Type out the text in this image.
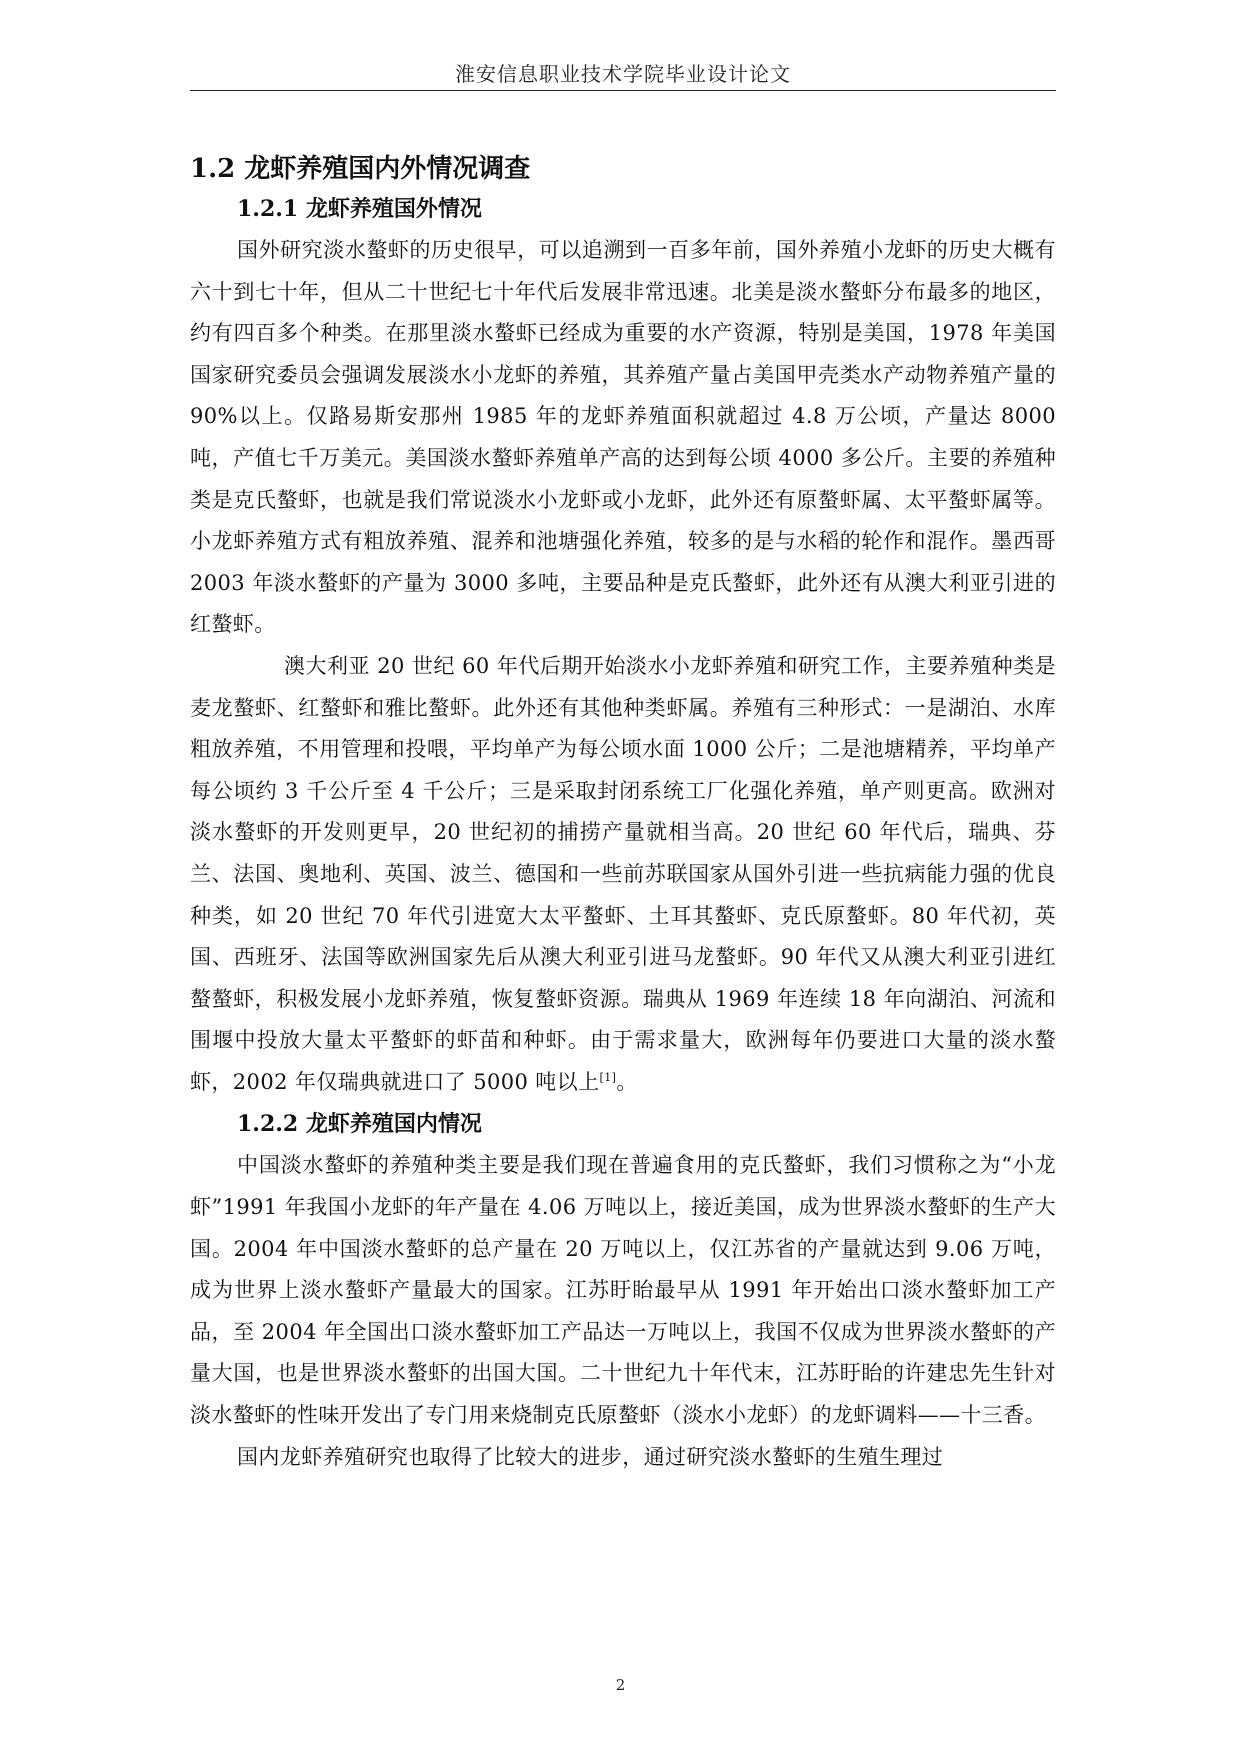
淮安信息职业技术学院毕业设计论文
1.2 龙虾养殖国内外情况调查
1.2.1 龙虾养殖国外情况

国外研究淡水螯虾的历史很早，可以追溯到一百多年前，国外养殖小龙虾的历史大概有六十到七十年，但从二十世纪七十年代后发展非常迅速。北美是淡水螯虾分布最多的地区，约有四百多个种类。在那里淡水螯虾已经成为重要的水产资源，特别是美国，1978 年美国国家研究委员会强调发展淡水小龙虾的养殖，其养殖产量占美国甲壳类水产动物养殖产量的 90%以上。仅路易斯安那州 1985 年的龙虾养殖面积就超过 4.8 万公顷，产量达 8000 吨，产值七千万美元。美国淡水螯虾养殖单产高的达到每公顷 4000 多公斤。主要的养殖种类是克氏螯虾，也就是我们常说淡水小龙虾或小龙虾，此外还有原螯虾属、太平螯虾属等。小龙虾养殖方式有粗放养殖、混养和池塘强化养殖，较多的是与水稻的轮作和混作。墨西哥 2003 年淡水螯虾的产量为 3000 多吨，主要品种是克氏螯虾，此外还有从澳大利亚引进的红螯虾。

澳大利亚 20 世纪 60 年代后期开始淡水小龙虾养殖和研究工作，主要养殖种类是麦龙螯虾、红螯虾和雅比螯虾。此外还有其他种类虾属。养殖有三种形式：一是湖泊、水库粗放养殖，不用管理和投喂，平均单产为每公顷水面 1000 公斤；二是池塘精养，平均单产每公顷约 3 千公斤至 4 千公斤；三是采取封闭系统工厂化强化养殖，单产则更高。欧洲对淡水螯虾的开发则更早，20 世纪初的捕捞产量就相当高。20 世纪 60 年代后，瑞典、芬兰、法国、奥地利、英国、波兰、德国和一些前苏联国家从国外引进一些抗病能力强的优良种类，如 20 世纪 70 年代引进宽大太平螯虾、土耳其螯虾、克氏原螯虾。80 年代初，英国、西班牙、法国等欧洲国家先后从澳大利亚引进马龙螯虾。90 年代又从澳大利亚引进红螯螯虾，积极发展小龙虾养殖，恢复螯虾资源。瑞典从 1969 年连续 18 年向湖泊、河流和围堰中投放大量太平螯虾的虾苗和种虾。由于需求量大，欧洲每年仍要进口大量的淡水螯虾，2002 年仅瑞典就进口了 5000 吨以上[1]。

1.2.2 龙虾养殖国内情况

中国淡水螯虾的养殖种类主要是我们现在普遍食用的克氏螯虾，我们习惯称之为“小龙虾”1991 年我国小龙虾的年产量在 4.06 万吨以上，接近美国，成为世界淡水螯虾的生产大国。2004 年中国淡水螯虾的总产量在 20 万吨以上，仅江苏省的产量就达到 9.06 万吨，成为世界上淡水螯虾产量最大的国家。江苏盱眙最早从 1991 年开始出口淡水螯虾加工产品，至 2004 年全国出口淡水螯虾加工产品达一万吨以上，我国不仅成为世界淡水螯虾的产量大国，也是世界淡水螯虾的出国大国。二十世纪九十年代末，江苏盱眙的许建忠先生针对淡水螯虾的性味开发出了专门用来烧制克氏原螯虾（淡水小龙虾）的龙虾调料——十三香。

国内龙虾养殖研究也取得了比较大的进步，通过研究淡水螯虾的生殖生理过

2
